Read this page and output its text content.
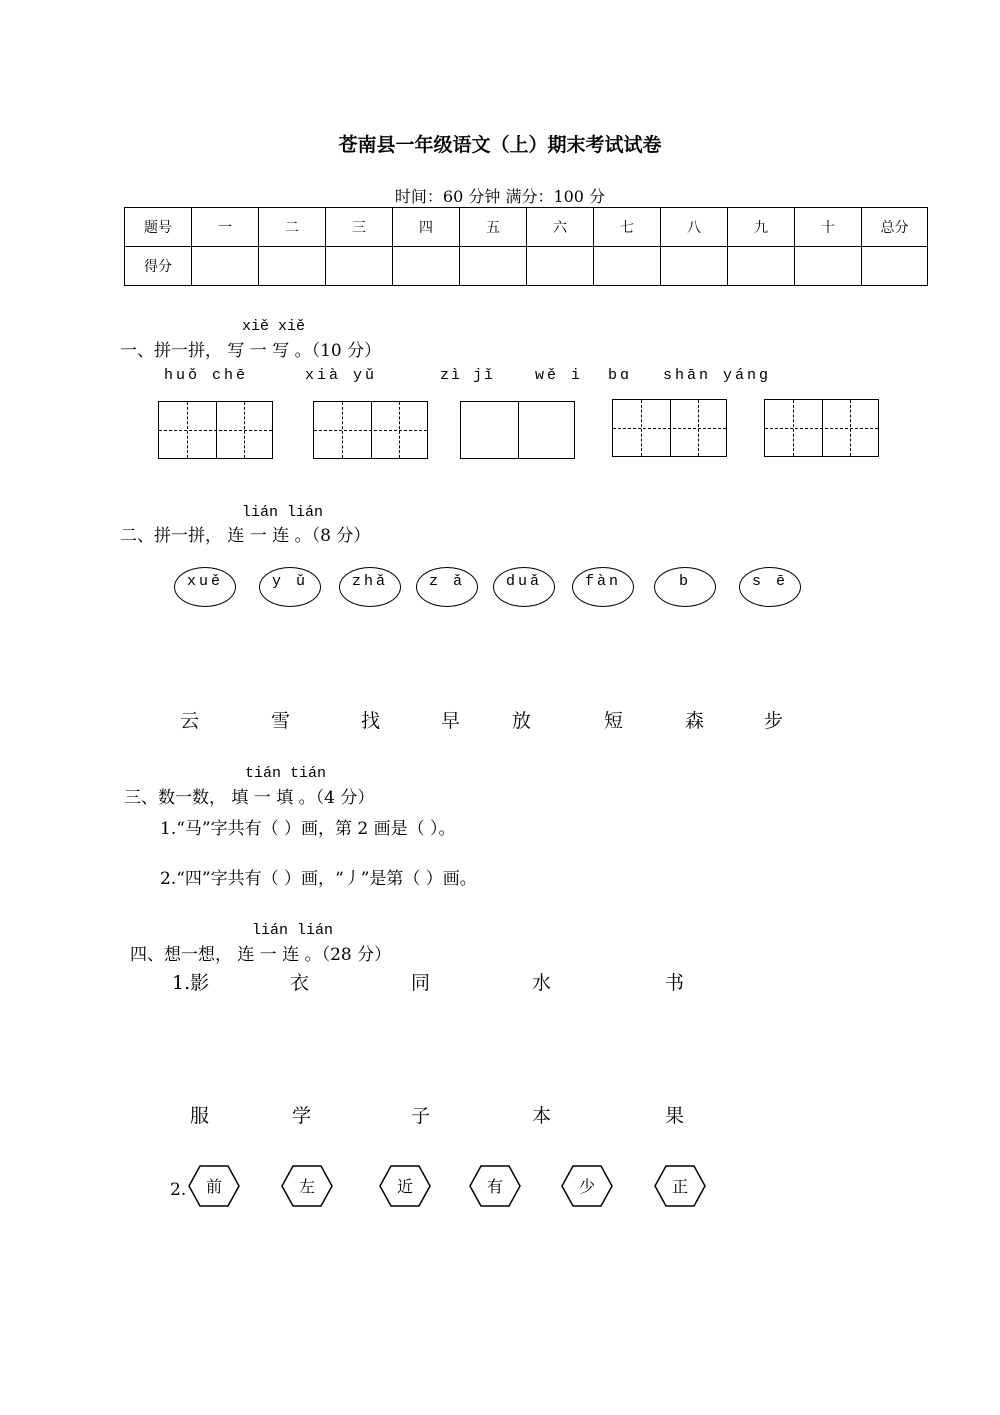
苍南县一年级语文（上）期末考试试卷
时间：60 分钟 满分：100 分
题号	一	二	三	四	五	六	七	八	九	十	总分
得分											
xiě xiě
一、拼一拼， 写 一 写 。（10 分）
huǒ chē	xià yǔ	zì jǐ	wě i bɑ shān yáng
lián lián
二、拼一拼， 连 一 连 。（8 分）
xuě	y ǔ	zhǎ	z ǎ	duǎ	fàn	b	s ē
云	雪	找	早	放	短	森	步
tián tián
三、数一数， 填 一 填 。（4 分）
1.“马”字共有（ ）画，第 2 画是（ ）。
2.“四”字共有（ ）画，“丿”是第（ ）画。
lián lián
四、想一想， 连 一 连 。（28 分）
1.影	衣	同	水	书
服	学	子	本	果
2.	前	左	近	有	少	正
